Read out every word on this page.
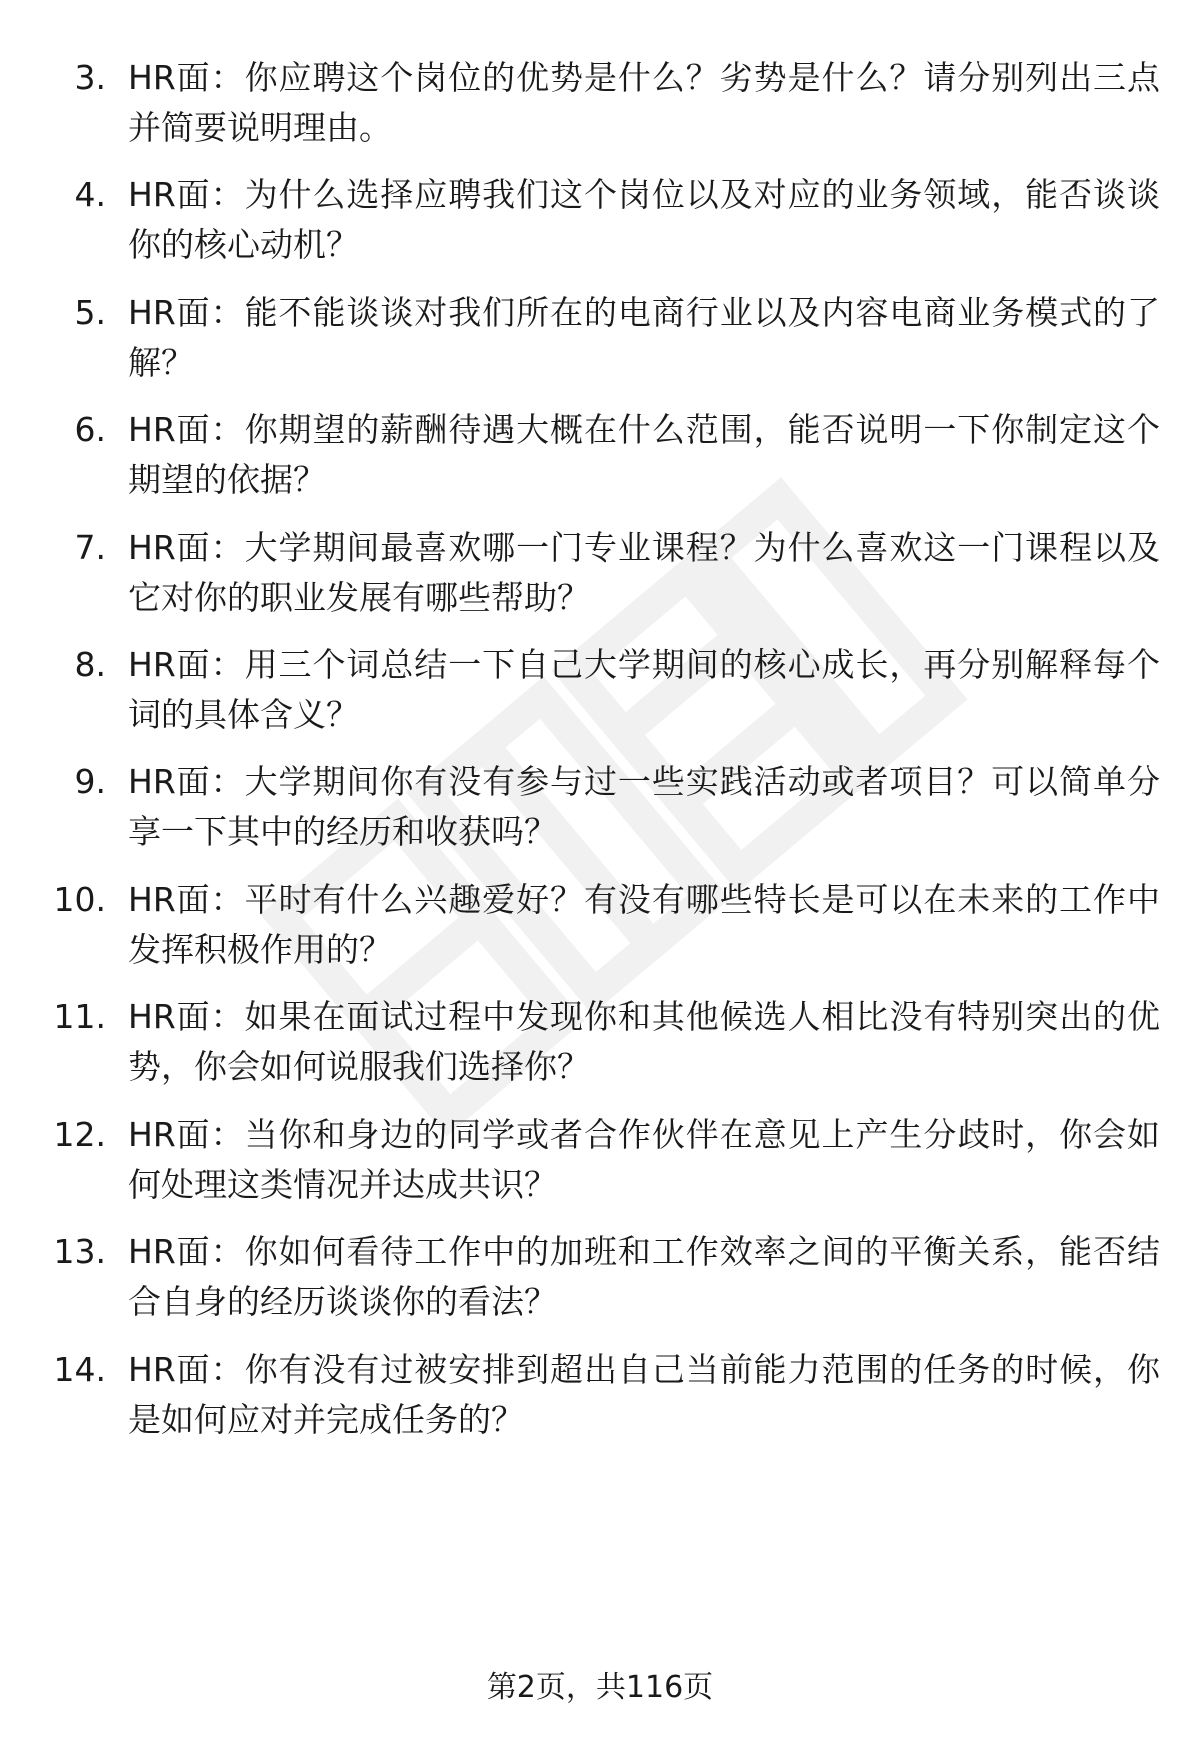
3. HR面：你应聘这个岗位的优势是什么？劣势是什么？请分别列出三点并简要说明理由。
4. HR面：为什么选择应聘我们这个岗位以及对应的业务领域，能否谈谈你的核心动机？
5. HR面：能不能谈谈对我们所在的电商行业以及内容电商业务模式的了解？
6. HR面：你期望的薪酬待遇大概在什么范围，能否说明一下你制定这个期望的依据？
7. HR面：大学期间最喜欢哪一门专业课程？为什么喜欢这一门课程以及它对你的职业发展有哪些帮助？
8. HR面：用三个词总结一下自己大学期间的核心成长，再分别解释每个词的具体含义？
9. HR面：大学期间你有没有参与过一些实践活动或者项目？可以简单分享一下其中的经历和收获吗？
10. HR面：平时有什么兴趣爱好？有没有哪些特长是可以在未来的工作中发挥积极作用的？
11. HR面：如果在面试过程中发现你和其他候选人相比没有特别突出的优势，你会如何说服我们选择你？
12. HR面：当你和身边的同学或者合作伙伴在意见上产生分歧时，你会如何处理这类情况并达成共识？
13. HR面：你如何看待工作中的加班和工作效率之间的平衡关系，能否结合自身的经历谈谈你的看法？
14. HR面：你有没有过被安排到超出自己当前能力范围的任务的时候，你是如何应对并完成任务的？
第2页，共116页
